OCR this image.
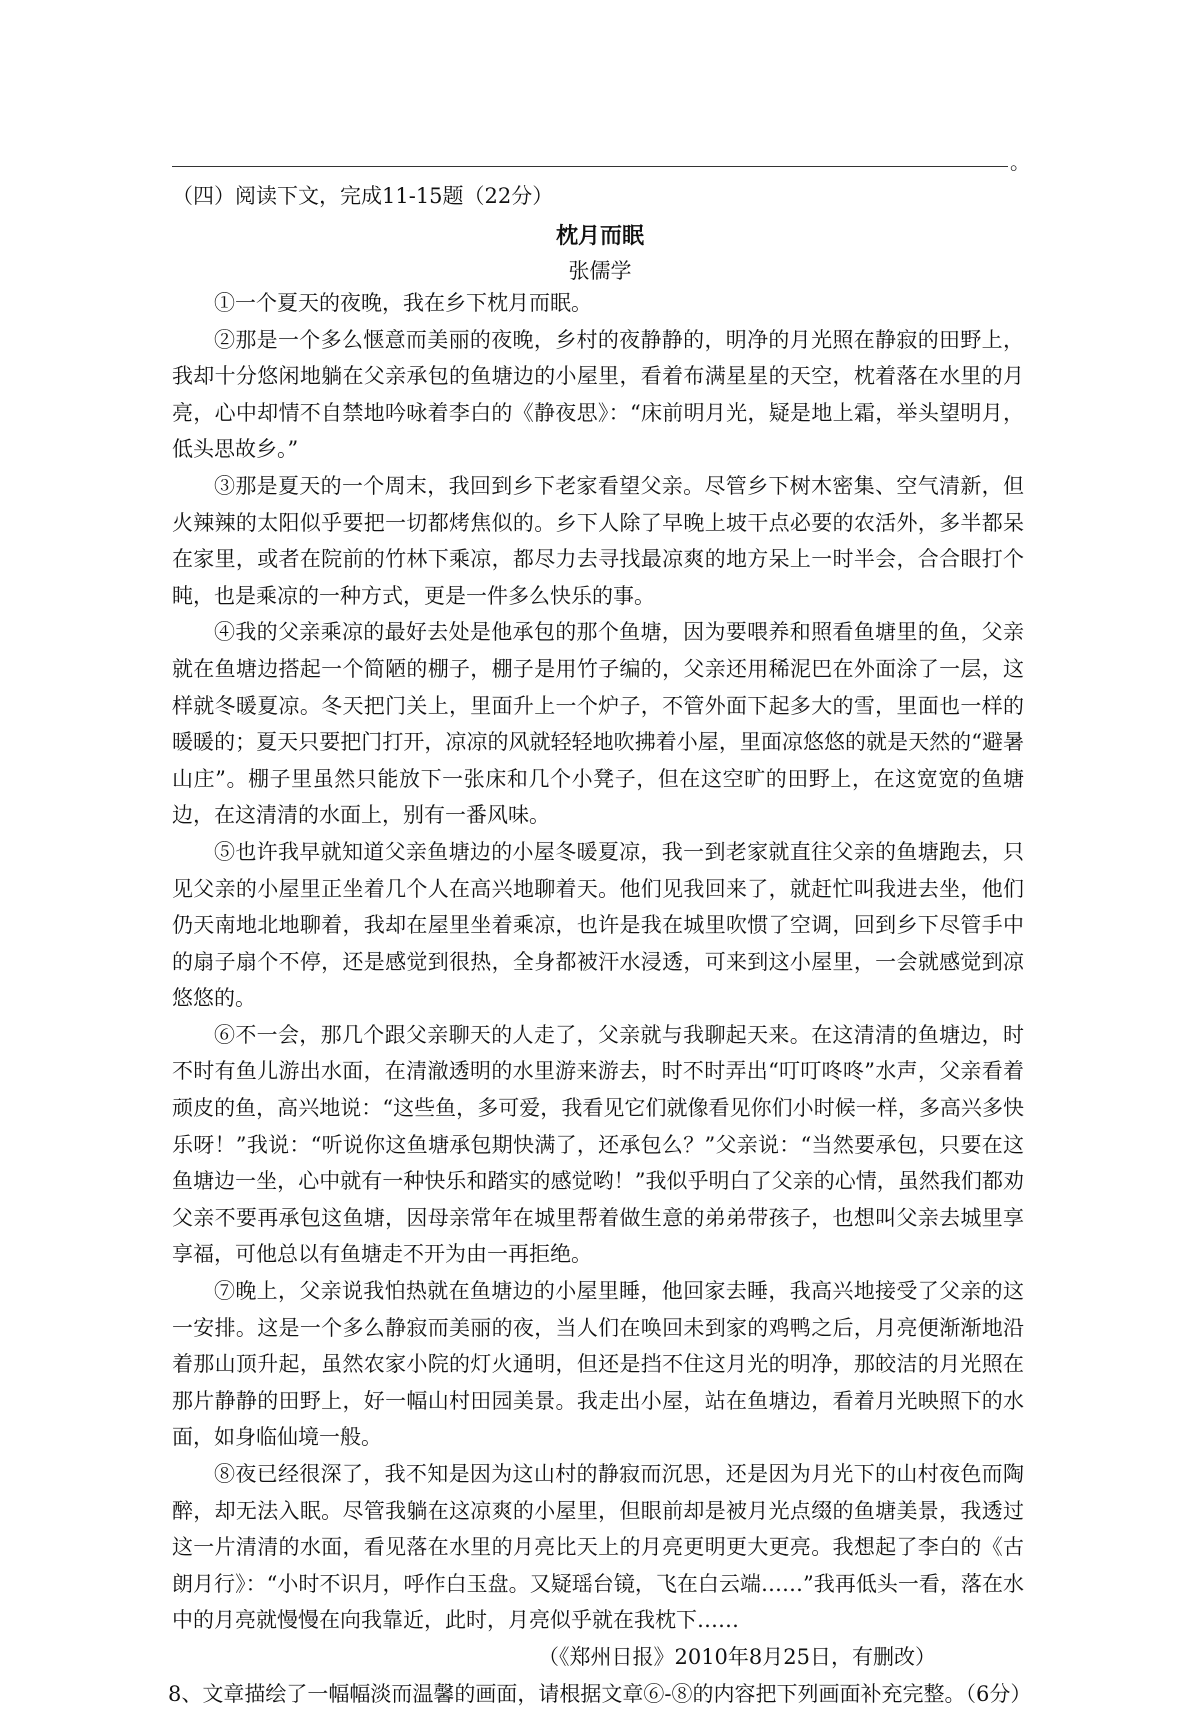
。
（四）阅读下文，完成11-15题（22分）
枕月而眠
张儒学

①一个夏天的夜晚，我在乡下枕月而眠。

②那是一个多么惬意而美丽的夜晚，乡村的夜静静的，明净的月光照在静寂的田野上，我却十分悠闲地躺在父亲承包的鱼塘边的小屋里，看着布满星星的天空，枕着落在水里的月亮，心中却情不自禁地吟咏着李白的《静夜思》：“床前明月光，疑是地上霜，举头望明月，低头思故乡。”

③那是夏天的一个周末，我回到乡下老家看望父亲。尽管乡下树木密集、空气清新，但火辣辣的太阳似乎要把一切都烤焦似的。乡下人除了早晚上坡干点必要的农活外，多半都呆在家里，或者在院前的竹林下乘凉，都尽力去寻找最凉爽的地方呆上一时半会，合合眼打个盹，也是乘凉的一种方式，更是一件多么快乐的事。

④我的父亲乘凉的最好去处是他承包的那个鱼塘，因为要喂养和照看鱼塘里的鱼，父亲就在鱼塘边搭起一个简陋的棚子，棚子是用竹子编的，父亲还用稀泥巴在外面涂了一层，这样就冬暖夏凉。冬天把门关上，里面升上一个炉子，不管外面下起多大的雪，里面也一样的暖暖的；夏天只要把门打开，凉凉的风就轻轻地吹拂着小屋，里面凉悠悠的就是天然的“避暑山庄”。棚子里虽然只能放下一张床和几个小凳子，但在这空旷的田野上，在这宽宽的鱼塘边，在这清清的水面上，别有一番风味。

⑤也许我早就知道父亲鱼塘边的小屋冬暖夏凉，我一到老家就直往父亲的鱼塘跑去，只见父亲的小屋里正坐着几个人在高兴地聊着天。他们见我回来了，就赶忙叫我进去坐，他们仍天南地北地聊着，我却在屋里坐着乘凉，也许是我在城里吹惯了空调，回到乡下尽管手中的扇子扇个不停，还是感觉到很热，全身都被汗水浸透，可来到这小屋里，一会就感觉到凉悠悠的。

⑥不一会，那几个跟父亲聊天的人走了，父亲就与我聊起天来。在这清清的鱼塘边，时不时有鱼儿游出水面，在清澈透明的水里游来游去，时不时弄出“叮叮咚咚”水声，父亲看着顽皮的鱼，高兴地说：“这些鱼，多可爱，我看见它们就像看见你们小时候一样，多高兴多快乐呀！”我说：“听说你这鱼塘承包期快满了，还承包么？”父亲说：“当然要承包，只要在这鱼塘边一坐，心中就有一种快乐和踏实的感觉哟！”我似乎明白了父亲的心情，虽然我们都劝父亲不要再承包这鱼塘，因母亲常年在城里帮着做生意的弟弟带孩子，也想叫父亲去城里享享福，可他总以有鱼塘走不开为由一再拒绝。

⑦晚上，父亲说我怕热就在鱼塘边的小屋里睡，他回家去睡，我高兴地接受了父亲的这一安排。这是一个多么静寂而美丽的夜，当人们在唤回未到家的鸡鸭之后，月亮便渐渐地沿着那山顶升起，虽然农家小院的灯火通明，但还是挡不住这月光的明净，那皎洁的月光照在那片静静的田野上，好一幅山村田园美景。我走出小屋，站在鱼塘边，看着月光映照下的水面，如身临仙境一般。

⑧夜已经很深了，我不知是因为这山村的静寂而沉思，还是因为月光下的山村夜色而陶醉，却无法入眠。尽管我躺在这凉爽的小屋里，但眼前却是被月光点缀的鱼塘美景，我透过这一片清清的水面，看见落在水里的月亮比天上的月亮更明更大更亮。我想起了李白的《古朗月行》：“小时不识月，呼作白玉盘。又疑瑶台镜，飞在白云端……”我再低头一看，落在水中的月亮就慢慢在向我靠近，此时，月亮似乎就在我枕下……

（《郑州日报》2010年8月25日，有删改）

8、文章描绘了一幅幅淡而温馨的画面，请根据文章⑥-⑧的内容把下列画面补充完整。（6分）
